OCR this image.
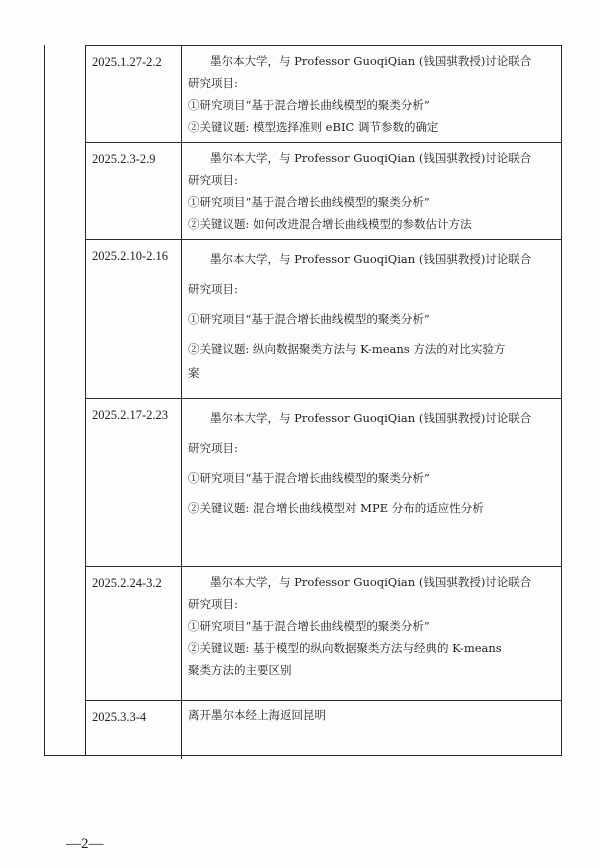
2025.1.27-2.2	墨尔本大学，与 Professor GuoqiQian (钱国骐教授)讨论联合
研究项目:
①研究项目“基于混合增长曲线模型的聚类分析”
②关键议题: 模型选择准则 eBIC 调节参数的确定
2025.2.3-2.9	墨尔本大学，与 Professor GuoqiQian (钱国骐教授)讨论联合
研究项目:
①研究项目“基于混合增长曲线模型的聚类分析”
②关键议题: 如何改进混合增长曲线模型的参数估计方法
2025.2.10-2.16	墨尔本大学，与 Professor GuoqiQian (钱国骐教授)讨论联合
研究项目:
①研究项目“基于混合增长曲线模型的聚类分析”
②关键议题: 纵向数据聚类方法与 K-means 方法的对比实验方
案
2025.2.17-2.23	墨尔本大学，与 Professor GuoqiQian (钱国骐教授)讨论联合
研究项目:
①研究项目“基于混合增长曲线模型的聚类分析”
②关键议题: 混合增长曲线模型对 MPE 分布的适应性分析
2025.2.24-3.2	墨尔本大学，与 Professor GuoqiQian (钱国骐教授)讨论联合
研究项目:
①研究项目“基于混合增长曲线模型的聚类分析”
②关键议题: 基于模型的纵向数据聚类方法与经典的 K-means
聚类方法的主要区别
2025.3.3-4	离开墨尔本经上海返回昆明
—2—
